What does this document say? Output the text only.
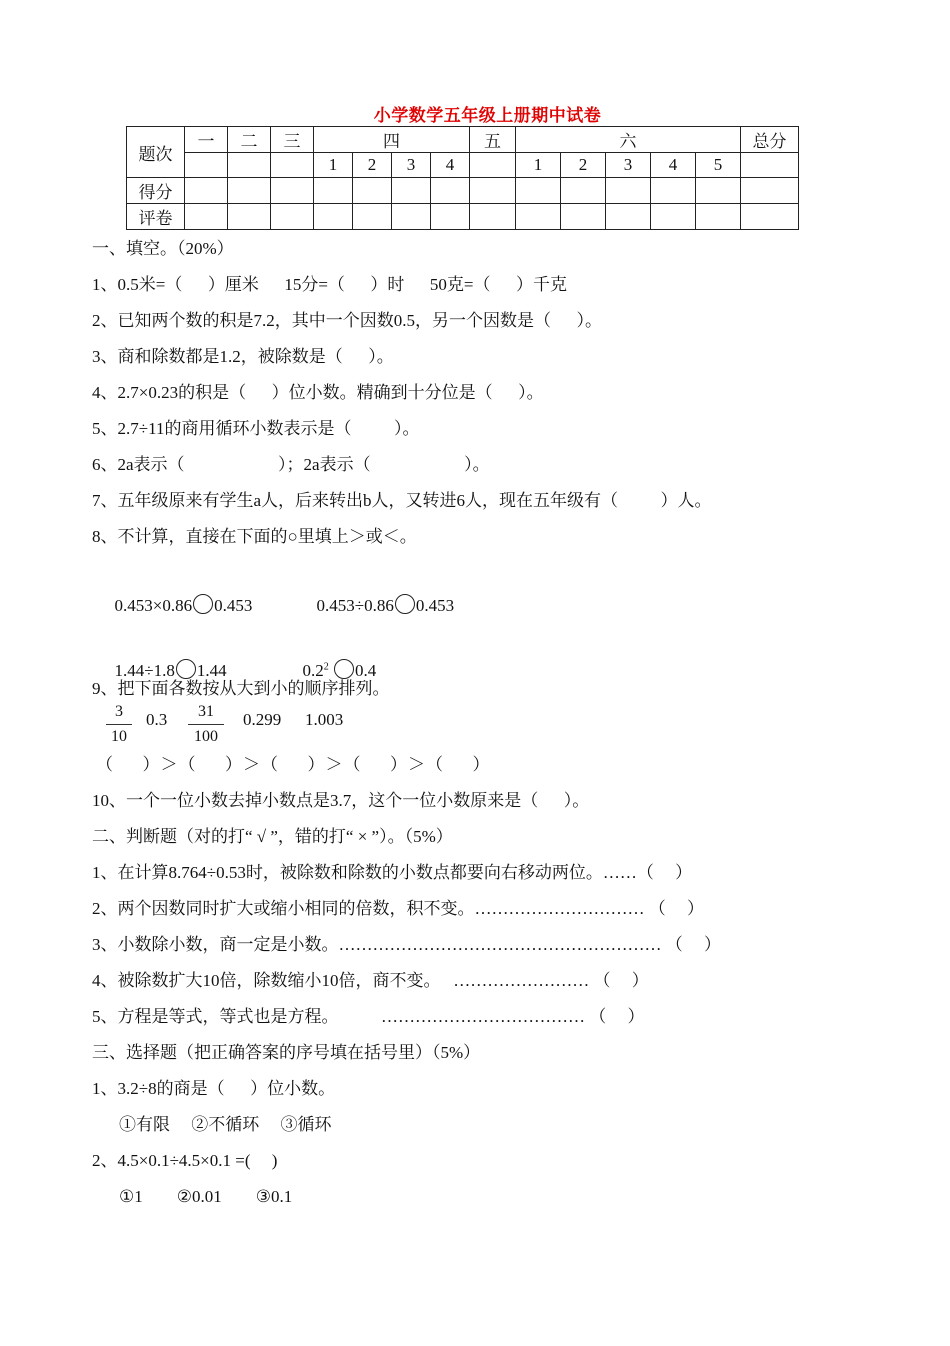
小学数学五年级上册期中试卷
题次	一	二	三	四				五	六					总分
				1	2	3	4		1	2	3	4	5	
得分														
评卷														
一、填空。（20%）
1、0.5米=（　  ）厘米　  15分=（　  ）时　  50克=（　  ）千克
2、已知两个数的积是7.2，其中一个因数0.5，另一个因数是（　  ）。
3、商和除数都是1.2，被除数是（　  ）。
4、2.7×0.23的积是（　  ）位小数。精确到十分位是（　  ）。
5、2.7÷11的商用循环小数表示是（　　  ）。
6、2a表示（　　　　　  ）；2a表示（　　　　　  ）。
7、五年级原来有学生a人，后来转出b人，又转进6人，现在五年级有（　  　）人。
8、不计算，直接在下面的○里填上＞或＜。

0.453×0.86 0.453	0.453÷0.86 0.453

1.44÷1.8 1.44	$0.2^2$ 0.4

9、把下面各数按从大到小的顺序排列。
$\frac{3}{10} 0.3 \frac{31}{100} 0.299$ 1.003
（　  ）＞（　  ）＞（　  ）＞（　  ）＞（　  ）
10、一个一位小数去掉小数点是3.7，这个一位小数原来是（　  ）。
二、判断题（对的打“ √ ”，错的打“ × ”）。（5%）
1、在计算8.764÷0.53时，被除数和除数的小数点都要向右移动两位。……（　 ）
2、两个因数同时扩大或缩小相同的倍数，积不变。………………………… （　 ）
3、小数除小数，商一定是小数。………………………………………………… （　 ）
4、被除数扩大10倍，除数缩小10倍，商不变。　 …………………… （　 ）
5、方程是等式，等式也是方程。　　　……………………………… （　 ）
三、选择题（把正确答案的序号填在括号里）（5%）
1、3.2÷8的商是（　  ）位小数。
①有限　 ②不循环　 ③循环
2、4.5×0.1÷4.5×0.1 =(　 )
①1　　②0.01　　③0.1
